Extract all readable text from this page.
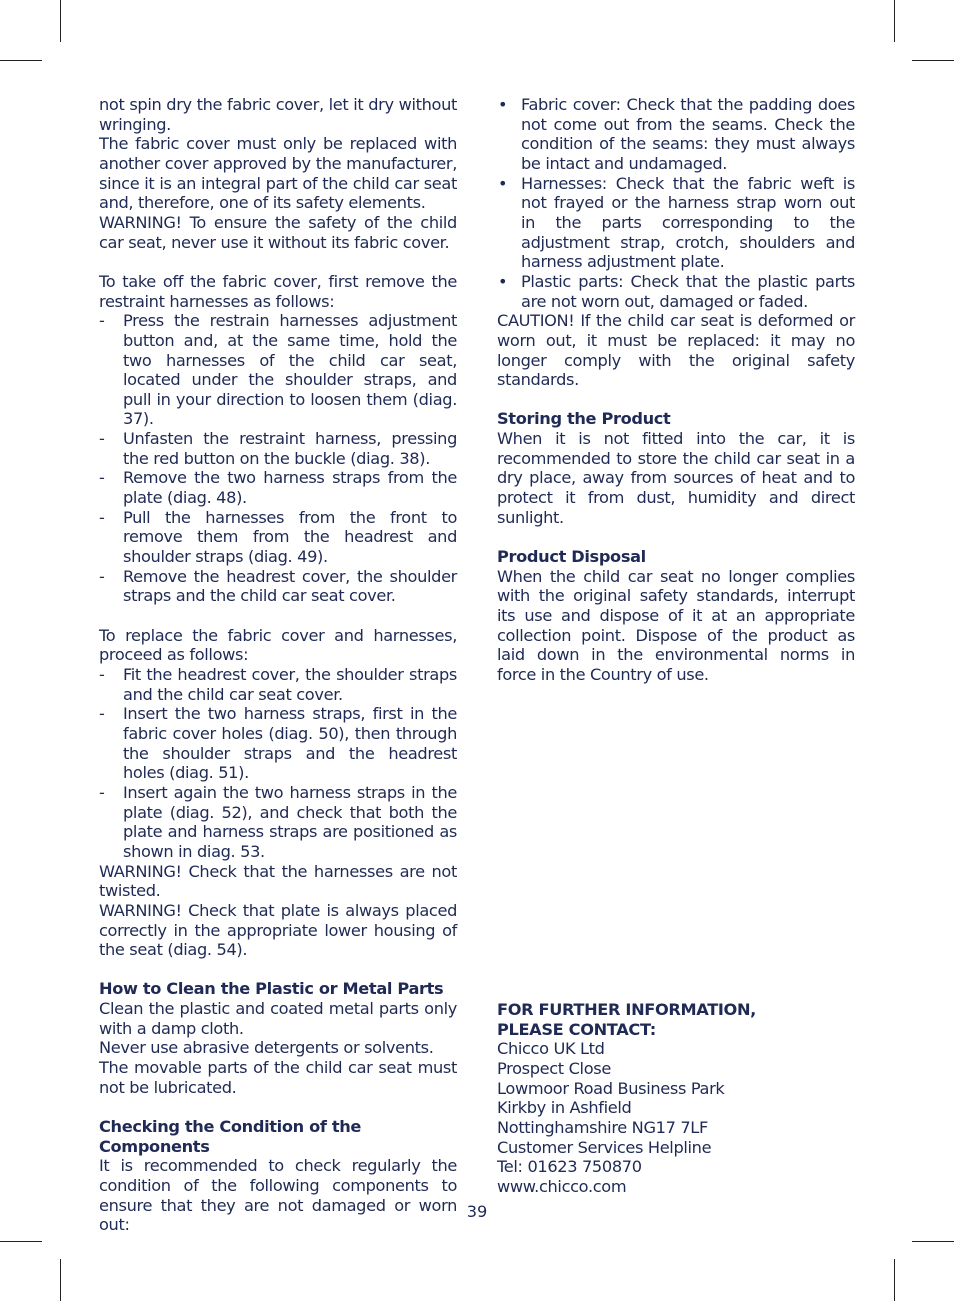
not spin dry the fabric cover, let it dry without wringing.

The fabric cover must only be replaced with another cover approved by the manufacturer, since it is an integral part of the child car seat and, therefore, one of its safety elements.

WARNING! To ensure the safety of the child car seat, never use it without its fabric cover.

To take off the fabric cover, first remove the restraint harnesses as follows:

- Press the restrain harnesses adjustment button and, at the same time, hold the two harnesses of the child car seat, located under the shoulder straps, and pull in your direction to loosen them (diag. 37).
- Unfasten the restraint harness, pressing the red button on the buckle (diag. 38).
- Remove the two harness straps from the plate (diag. 48).
- Pull the harnesses from the front to remove them from the headrest and shoulder straps (diag. 49).
- Remove the headrest cover, the shoulder straps and the child car seat cover.

To replace the fabric cover and harnesses, proceed as follows:

- Fit the headrest cover, the shoulder straps and the child car seat cover.
- Insert the two harness straps, first in the fabric cover holes (diag. 50), then through the shoulder straps and the headrest holes (diag. 51).
- Insert again the two harness straps in the plate (diag. 52), and check that both the plate and harness straps are positioned as shown in diag. 53.

WARNING! Check that the harnesses are not twisted.

WARNING! Check that plate is always placed correctly in the appropriate lower housing of the seat (diag. 54).

How to Clean the Plastic or Metal Parts

Clean the plastic and coated metal parts only with a damp cloth.

Never use abrasive detergents or solvents.

The movable parts of the child car seat must not be lubricated.

Checking the Condition of the
Components

It is recommended to check regularly the condition of the following components to ensure that they are not damaged or worn out:

• Fabric cover: Check that the padding does not come out from the seams. Check the condition of the seams: they must always be intact and undamaged.
• Harnesses: Check that the fabric weft is not frayed or the harness strap worn out in the parts corresponding to the adjustment strap, crotch, shoulders and harness adjustment plate.
• Plastic parts: Check that the plastic parts are not worn out, damaged or faded.

CAUTION! If the child car seat is deformed or worn out, it must be replaced: it may no longer comply with the original safety standards.

Storing the Product

When it is not fitted into the car, it is recommended to store the child car seat in a dry place, away from sources of heat and to protect it from dust, humidity and direct sunlight.

Product Disposal

When the child car seat no longer complies with the original safety standards, interrupt its use and dispose of it at an appropriate collection point. Dispose of the product as laid down in the environmental norms in force in the Country of use.

FOR FURTHER INFORMATION,
PLEASE CONTACT:

Chicco UK Ltd

Prospect Close

Lowmoor Road Business Park

Kirkby in Ashfield

Nottinghamshire NG17 7LF

Customer Services Helpline

Tel: 01623 750870

www.chicco.com

39
